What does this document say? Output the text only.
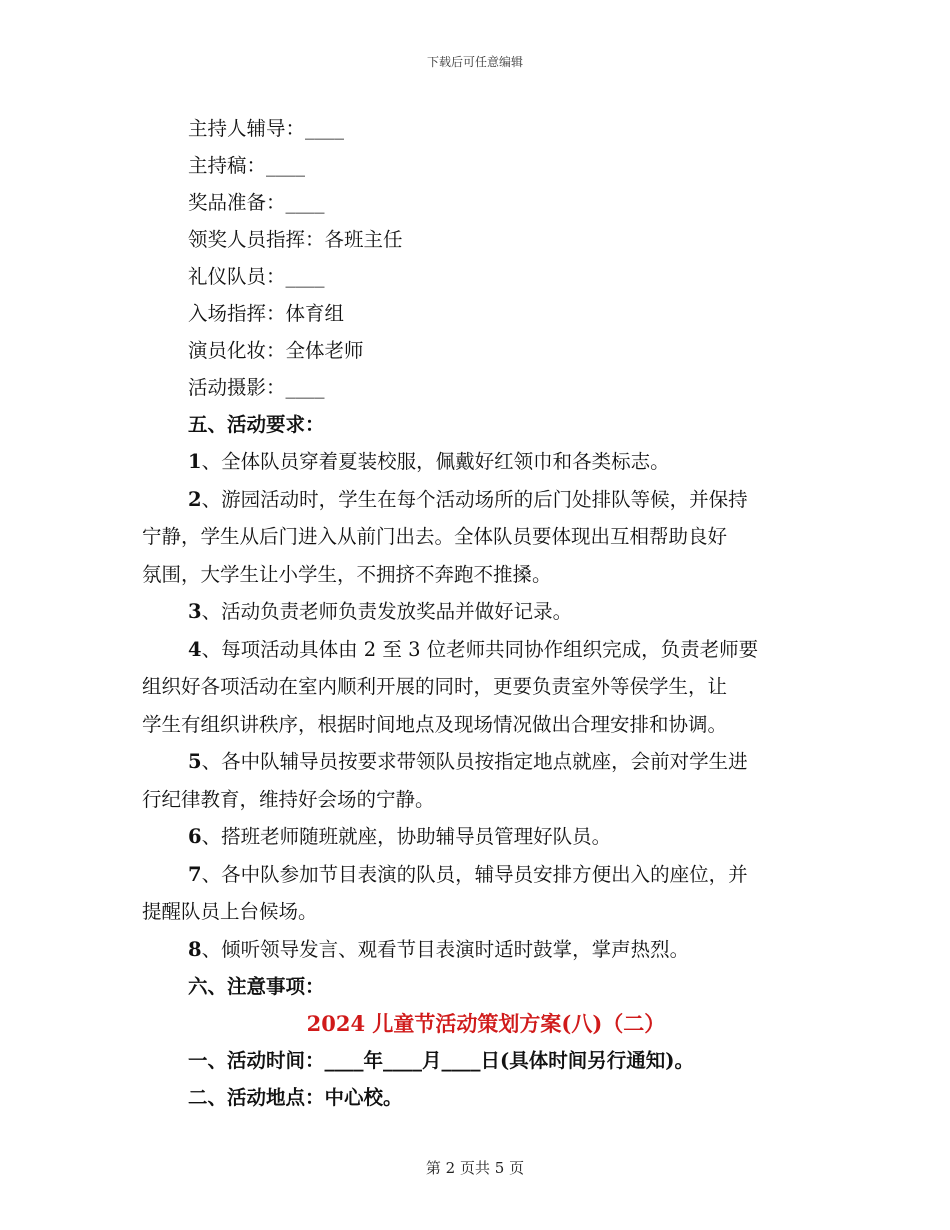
下载后可任意编辑
主持人辅导：____
主持稿：____
奖品准备：____
领奖人员指挥：各班主任
礼仪队员：____
入场指挥：体育组
演员化妆：全体老师
活动摄影：____
五、活动要求：
1、全体队员穿着夏装校服，佩戴好红领巾和各类标志。
2、游园活动时，学生在每个活动场所的后门处排队等候，并保持
宁静，学生从后门进入从前门出去。全体队员要体现出互相帮助良好
氛围，大学生让小学生，不拥挤不奔跑不推搡。
3、活动负责老师负责发放奖品并做好记录。
4、每项活动具体由 2 至 3 位老师共同协作组织完成，负责老师要
组织好各项活动在室内顺利开展的同时，更要负责室外等侯学生，让
学生有组织讲秩序，根据时间地点及现场情况做出合理安排和协调。
5、各中队辅导员按要求带领队员按指定地点就座，会前对学生进
行纪律教育，维持好会场的宁静。
6、搭班老师随班就座，协助辅导员管理好队员。
7、各中队参加节目表演的队员，辅导员安排方便出入的座位，并
提醒队员上台候场。
8、倾听领导发言、观看节目表演时适时鼓掌，掌声热烈。
六、注意事项：
2024 儿童节活动策划方案(八)（二）
一、活动时间：____年____月____日(具体时间另行通知)。
二、活动地点：中心校。
第 2 页共 5 页
